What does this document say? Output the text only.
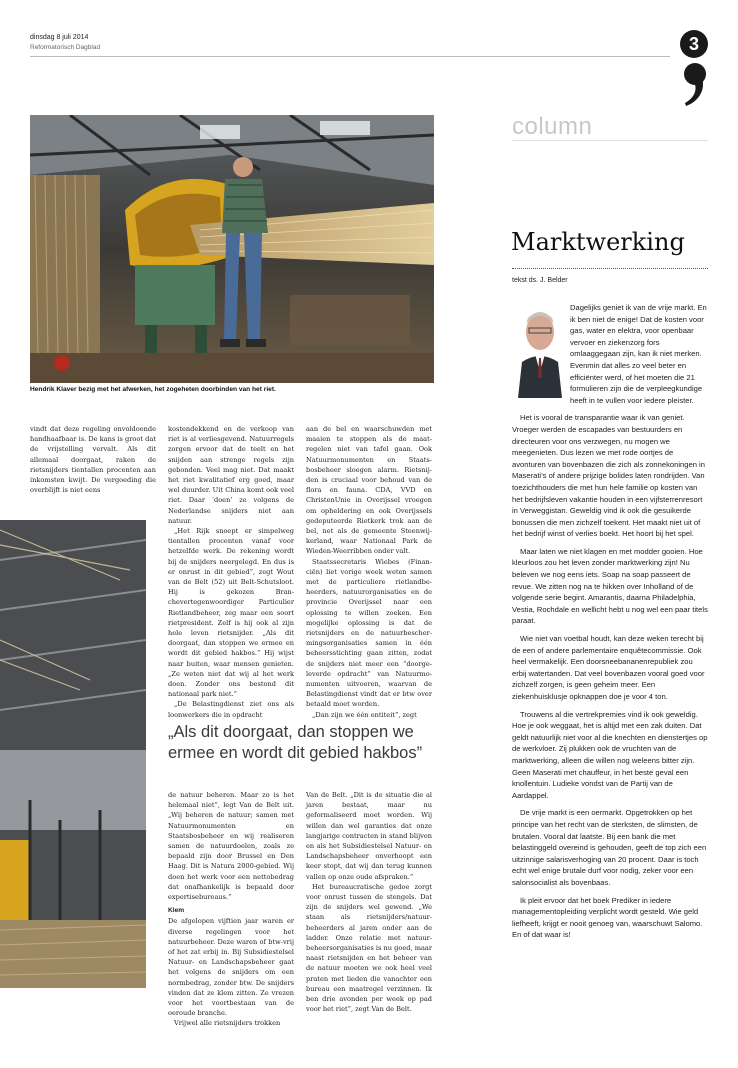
dinsdag 8 juli 2014
Reformatorisch Dagblad	3
Hendrik Klaver bezig met het afwerken, het zogeheten doorbinden van het riet.

vindt dat deze regeling onvoldoende handhaafbaar is. De kans is groot dat de vrijstelling vervalt. Als dit allemaal doorgaat, raken de rietsnijders tientallen procenten aan inkomsten kwijt. De vergoeding die overblijft is niet eens

kostendekkend en de verkoop van riet is al verliesgevend. Natuurregels zorgen ervoor dat de teelt en het snijden aan strenge regels zijn gebonden. Veel mag niet. Dat maakt het riet kwalitatief erg goed, maar wel duurder. Uit China komt ook veel riet. Daar ‘doen’ ze volgens de Nederlandse snijders niet aan natuur.

„Het Rijk snoept er simpelweg tientallen procenten vanaf voor hetzelfde werk. De rekening wordt bij de snijders neergelegd. En dus is er onrust in dit gebied”, zegt Wout van de Belt (52) uit Belt-Schutsloot. Hij is gekozen Branchevertegenwoordiger Particulier Rietlandbeheer, zeg maar een soort rietpresident. Zelf is hij ook al zijn hele leven rietsnijder. „Als dit doorgaat, dan stoppen we ermee en wordt dit gebied hakbos.” Hij wijst naar buiten, waar mensen genieten. „Ze weten niet dat wij al het werk doen. Zonder ons bestond dit nationaal park niet.”

„De Belastingdienst ziet ons als loonwerkers die in opdracht

aan de bel en waarschuwden met maaien te stoppen als de maatregelen niet van tafel gaan. Ook Natuurmonumenten en Staatsbosbeheer sloegen alarm. Rietsnijden is cruciaal voor behoud van de flora en fauna. CDA, VVD en ChristenUnie in Overijssel vroegen om opheldering en ook Overijssels gedeputeerde Rietkerk trok aan de bel, net als de gemeente Steenwijkerland, waar Nationaal Park de Wieden-Weerribben onder valt.

Staatssecretaris Wiebes (Financiën) liet vorige week weten samen met de particuliere rietlandbeheerders, natuurorganisaties en de provincie Overijssel naar een oplossing te willen zoeken. Een mogelijke oplossing is dat de rietsnijders en de natuurbeschermingsorganisaties samen in één beheersstichting gaan zitten, zodat de snijders niet meer een “doorgeleverde opdracht” van Natuurmonumenten uitvoeren, waarvan de Belastingdienst vindt dat er btw over betaald moet worden.

„Dan zijn we één entiteit”, zegt

„Als dit doorgaat, dan stoppen we ermee en wordt dit gebied hakbos”

de natuur beheren. Maar zo is het helemaal niet”, legt Van de Belt uit. „Wij beheren de natuur; samen met Natuurmonumenten en Staatsbosbeheer en wij realiseren samen de natuurdoelen, zoals ze bepaald zijn door Brussel en Den Haag. Dit is Natura 2000-gebied. Wij doen het werk voor een nettobedrag dat onafhankelijk is bepaald door expertisebureaus.”

Klem

De afgelopen vijftien jaar waren er diverse regelingen voor het natuurbeheer. Deze waren of btw-vrij of het zat erbij in. Bij Subsidiestelsel Natuur- en Landschapsbeheer gaat het volgens de snijders om een normbedrag, zonder btw. De snijders vinden dat ze klem zitten. Ze vrezen voor het voortbestaan van de oeroude branche.

Vrijwel alle rietsnijders trokken

Van de Belt. „Dit is de situatie die al jaren bestaat, maar nu geformaliseerd moet worden. Wij willen dan wel garanties dat onze langjarige contracten in stand blijven en als het Subsidiestelsel Natuur- en Landschapsbeheer onverhoopt een keer stopt, dat wij dan terug kunnen vallen op onze oude afspraken.”

Het bureaucratische gedoe zorgt voor onrust tussen de stengels. Dat zijn de snijders wel gewend. „We staan als rietsnijders/natuurbeheerders al jaren onder aan de ladder. Onze relatie met natuurbeheersorganisaties is nu goed, maar naast rietsnijden en het beheer van de natuur moeten we ook heel veel praten met lieden die vanachter een bureau een maatregel verzinnen. Ik ben drie avonden per week op pad voor het riet”, zegt Van de Belt.

column
Marktwerking
tekst ds. J. Belder

Dagelijks geniet ik van de vrije markt. En ik ben niet de enige! Dat de kosten voor gas, water en elektra, voor openbaar vervoer en ziekenzorg fors omlaaggegaan zijn, kan ik niet merken. Evenmin dat alles zo veel beter en efficiënter werd, of het moeten die 21 formulieren zijn die de verpleegkundige heeft in te vullen voor iedere pleister.

Het is vooral de transparantie waar ik van geniet. Vroeger werden de escapades van bestuurders en directeuren voor ons verzwegen, nu mogen we meegenieten. Dus lezen we met rode oortjes de avonturen van bovenbazen die zich als zonnekoningen in Maserati’s of andere prijzige bolides laten rondrijden. Van toezichthouders die met hun hele familie op kosten van het bedrijfsleven vakantie houden in een vijfsterrenresort in Verweggistan. Geweldig vind ik ook die gesuikerde bonussen die men zichzelf toekent. Het maakt niet uit of het bedrijf winst of verlies boekt. Het hoort bij het spel.

Maar laten we niet klagen en met modder gooien. Hoe kleurloos zou het leven zonder marktwerking zijn! Nu beleven we nog eens iets. Soap na soap passeert de revue. We zitten nog na te hikken over Inholland of de volgende serie begint. Amarantis, daarna Philadelphia, Vestia, Rochdale en wellicht hebt u nog wel een paar titels paraat.

Wie niet van voetbal houdt, kan deze weken terecht bij de een of andere parlementaire enquêtecommissie. Ook heel vermakelijk. Een doorsneebananenrepubliek zou erbij watertanden. Dat veel bovenbazen vooral goed voor zichzelf zorgen, is geen geheim meer. Een ziekenhuisklusje opknappen doe je voor 4 ton.

Trouwens al die vertrekpremies vind ik ook geweldig. Hoe je ook weggaat, het is altijd met een zak duiten. Dat geldt natuurlijk niet voor al die knechten en dienstertjes op de werkvloer. Zij plukken ook de vruchten van de marktwerking, alleen die willen nog weleens bitter zijn. Geen Maserati met chauffeur, in het beste geval een knollentuin. Ludieke vondst van de Partij van de Aardappel.

De vrije markt is een oermarkt. Opgetrokken op het principe van het recht van de sterksten, de slimsten, de brutalen. Vooral dat laatste. Bij een bank die met belastinggeld overeind is gehouden, geeft de top zich een uitzinnige salarisverhoging van 20 procent. Daar is toch echt wel enige brutale durf voor nodig, zeker voor een salonsocialist als bovenbaas.

Ik pleit ervoor dat het boek Prediker in iedere managementopleiding verplicht wordt gesteld. Wie geld liefheeft, krijgt er nooit genoeg van, waarschuwt Salomo. En of dat waar is!
